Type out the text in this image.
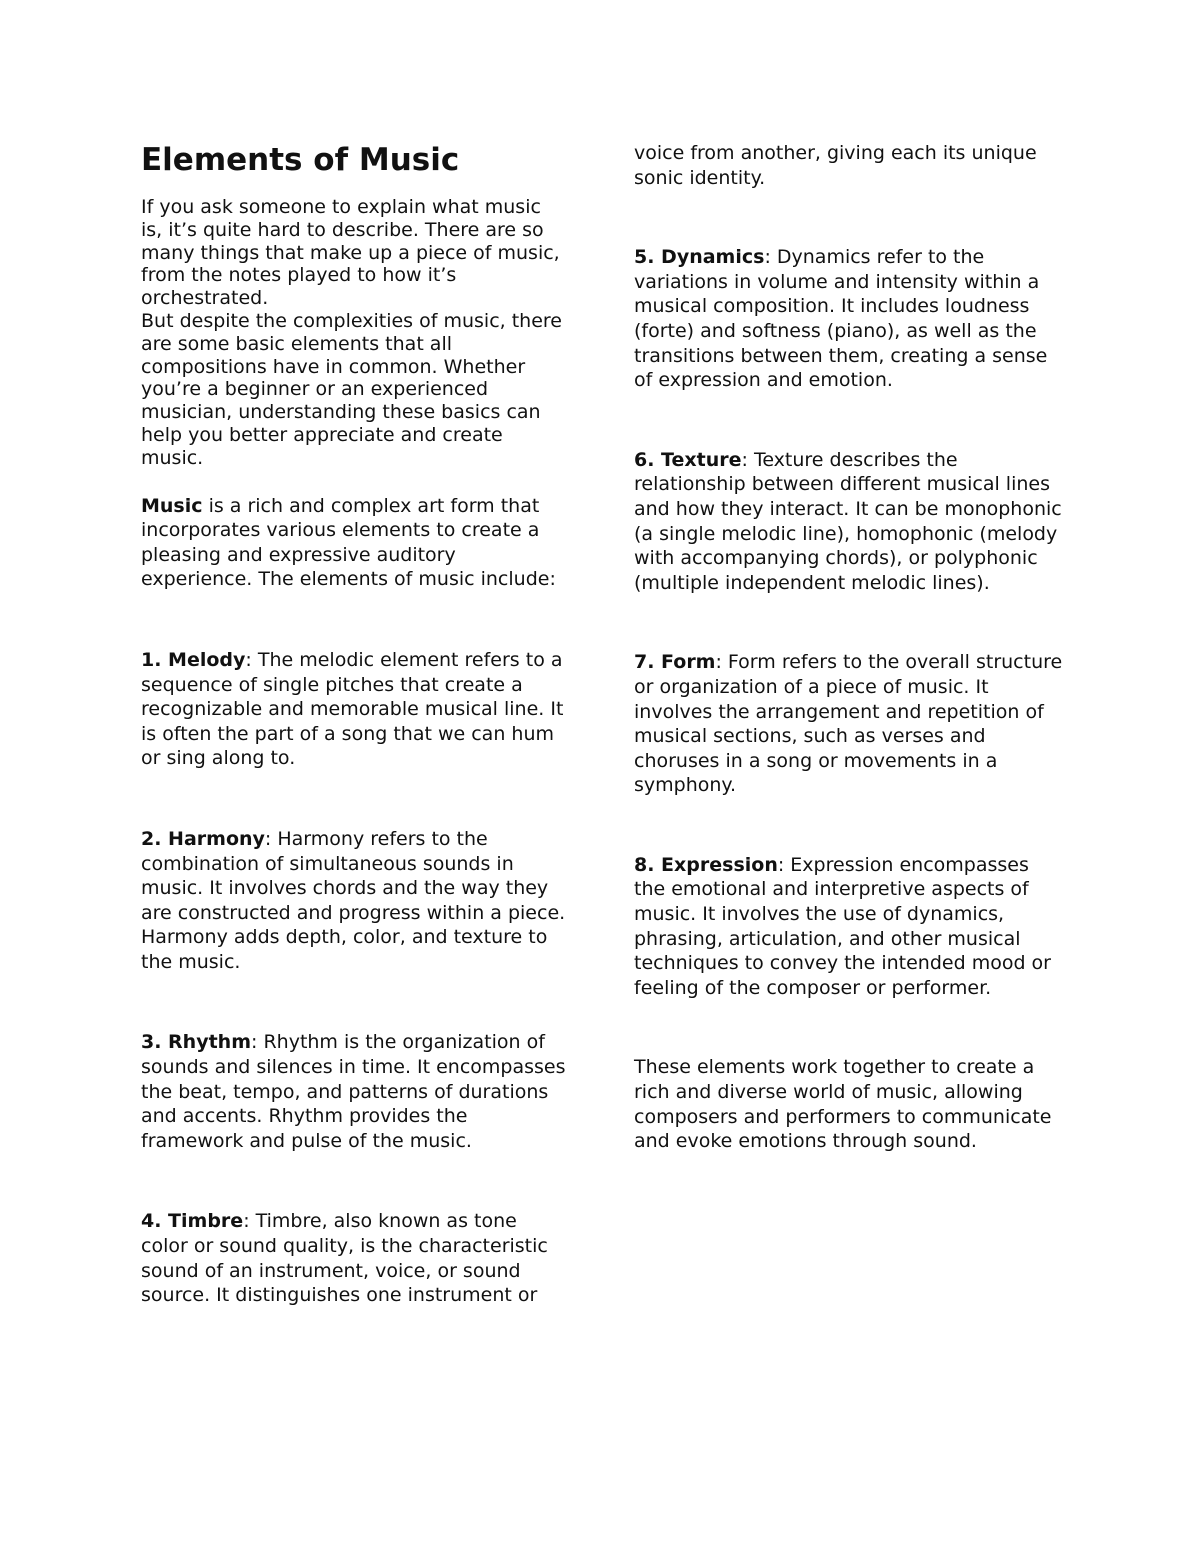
Elements of Music

If you ask someone to explain what music is, it’s quite hard to describe. There are so many things that make up a piece of music, from the notes played to how it’s orchestrated.

But despite the complexities of music, there are some basic elements that all compositions have in common. Whether you’re a beginner or an experienced musician, understanding these basics can help you better appreciate and create music.

Music is a rich and complex art form that incorporates various elements to create a pleasing and expressive auditory experience. The elements of music include:

1. Melody: The melodic element refers to a sequence of single pitches that create a recognizable and memorable musical line. It is often the part of a song that we can hum or sing along to.

2. Harmony: Harmony refers to the combination of simultaneous sounds in music. It involves chords and the way they are constructed and progress within a piece. Harmony adds depth, color, and texture to the music.

3. Rhythm: Rhythm is the organization of sounds and silences in time. It encompasses the beat, tempo, and patterns of durations and accents. Rhythm provides the framework and pulse of the music.

4. Timbre: Timbre, also known as tone color or sound quality, is the characteristic sound of an instrument, voice, or sound source. It distinguishes one instrument or

voice from another, giving each its unique sonic identity.

5. Dynamics: Dynamics refer to the variations in volume and intensity within a musical composition. It includes loudness (forte) and softness (piano), as well as the transitions between them, creating a sense of expression and emotion.

6. Texture: Texture describes the relationship between different musical lines and how they interact. It can be monophonic (a single melodic line), homophonic (melody with accompanying chords), or polyphonic (multiple independent melodic lines).

7. Form: Form refers to the overall structure or organization of a piece of music. It involves the arrangement and repetition of musical sections, such as verses and choruses in a song or movements in a symphony.

8. Expression: Expression encompasses the emotional and interpretive aspects of music. It involves the use of dynamics, phrasing, articulation, and other musical techniques to convey the intended mood or feeling of the composer or performer.

These elements work together to create a rich and diverse world of music, allowing composers and performers to communicate and evoke emotions through sound.
